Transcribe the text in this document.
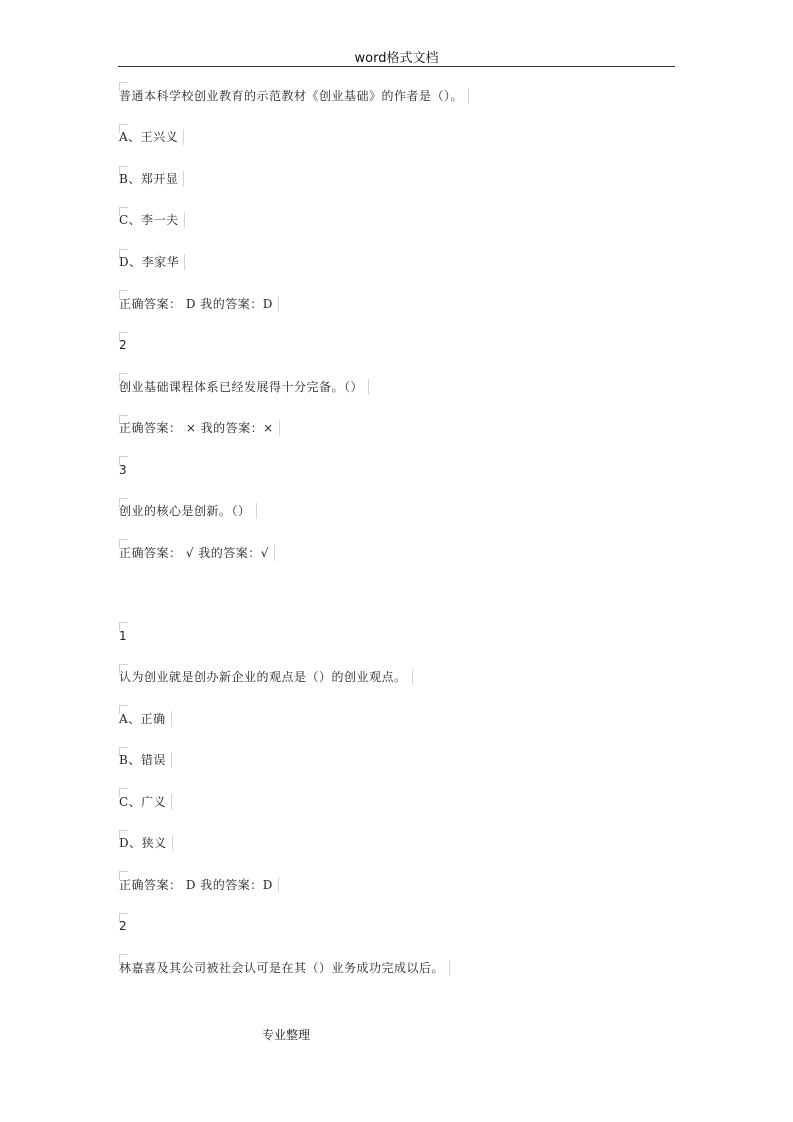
word格式文档
普通本科学校创业教育的示范教材《创业基础》的作者是（）。
A、王兴义
B、郑开显
C、李一夫
D、李家华
正确答案： D 我的答案：D
2
创业基础课程体系已经发展得十分完备。（）
正确答案： × 我的答案：×
3
创业的核心是创新。（）
正确答案： √ 我的答案：√
1
认为创业就是创办新企业的观点是（）的创业观点。
A、正确
B、错误
C、广义
D、狭义
正确答案： D 我的答案：D
2
林嘉喜及其公司被社会认可是在其（）业务成功完成以后。
专业整理
